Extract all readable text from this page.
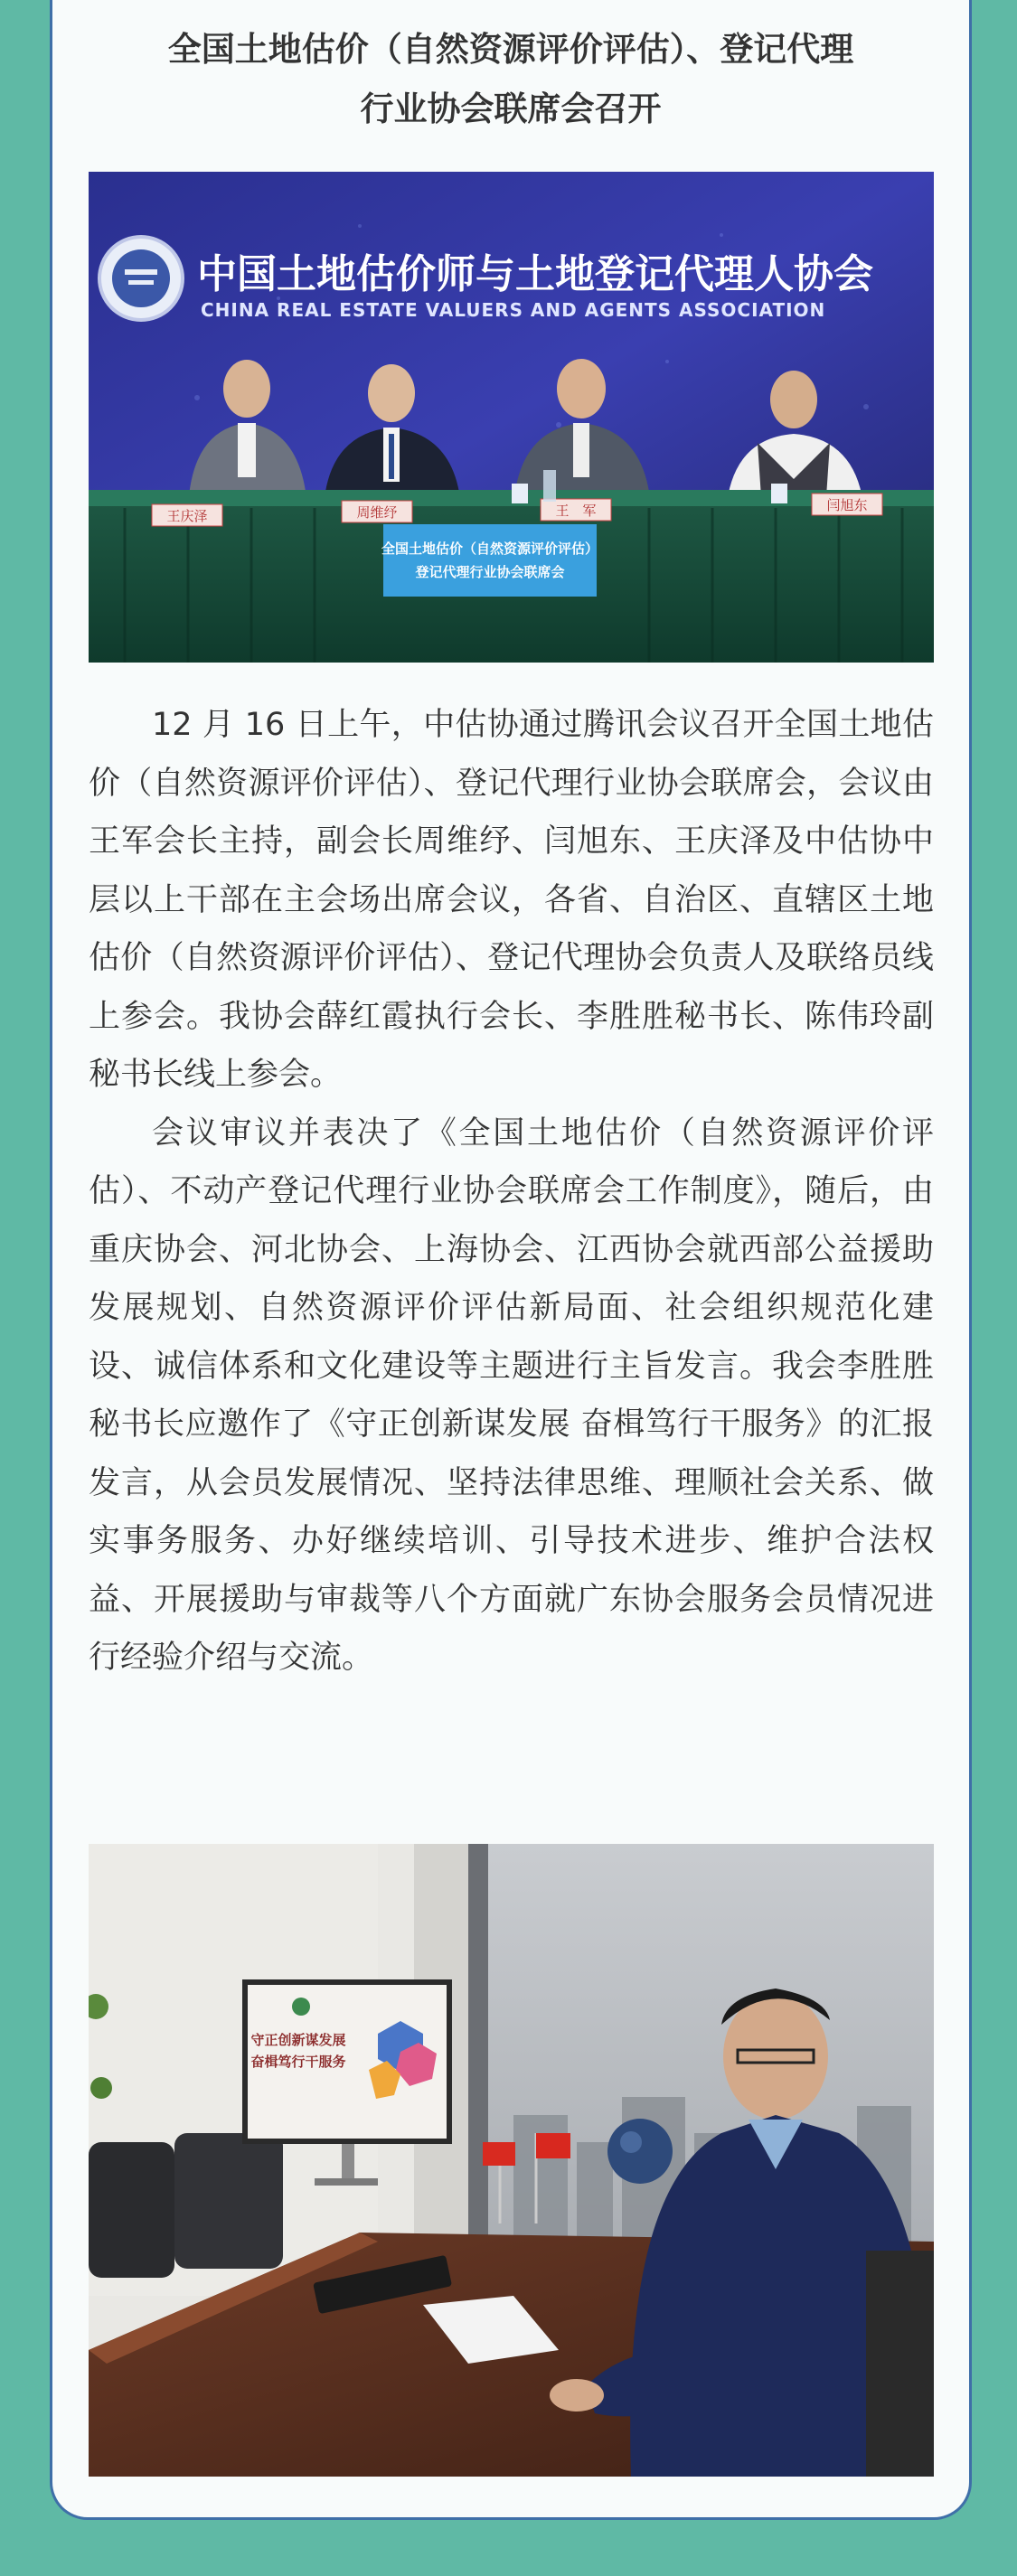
全国土地估价（自然资源评价评估）、登记代理
行业协会联席会召开
中国土地估价师与土地登记代理人协会
CHINA REAL ESTATE VALUERS AND AGENTS ASSOCIATION
王庆泽	周维纾	王　军	闫旭东
全国土地估价（自然资源评价评估）
登记代理行业协会联席会

12 月 16 日上午，中估协通过腾讯会议召开全国土地估价（自然资源评价评估）、登记代理行业协会联席会，会议由王军会长主持，副会长周维纾、闫旭东、王庆泽及中估协中层以上干部在主会场出席会议，各省、自治区、直辖区土地估价（自然资源评价评估）、登记代理协会负责人及联络员线上参会。我协会薛红霞执行会长、李胜胜秘书长、陈伟玲副秘书长线上参会。

会议审议并表决了《全国土地估价（自然资源评价评估）、不动产登记代理行业协会联席会工作制度》，随后，由重庆协会、河北协会、上海协会、江西协会就西部公益援助发展规划、自然资源评价评估新局面、社会组织规范化建设、诚信体系和文化建设等主题进行主旨发言。我会李胜胜秘书长应邀作了《守正创新谋发展 奋楫笃行干服务》的汇报发言，从会员发展情况、坚持法律思维、理顺社会关系、做实事务服务、办好继续培训、引导技术进步、维护合法权益、开展援助与审裁等八个方面就广东协会服务会员情况进行经验介绍与交流。

守正创新谋发展
奋楫笃行干服务
